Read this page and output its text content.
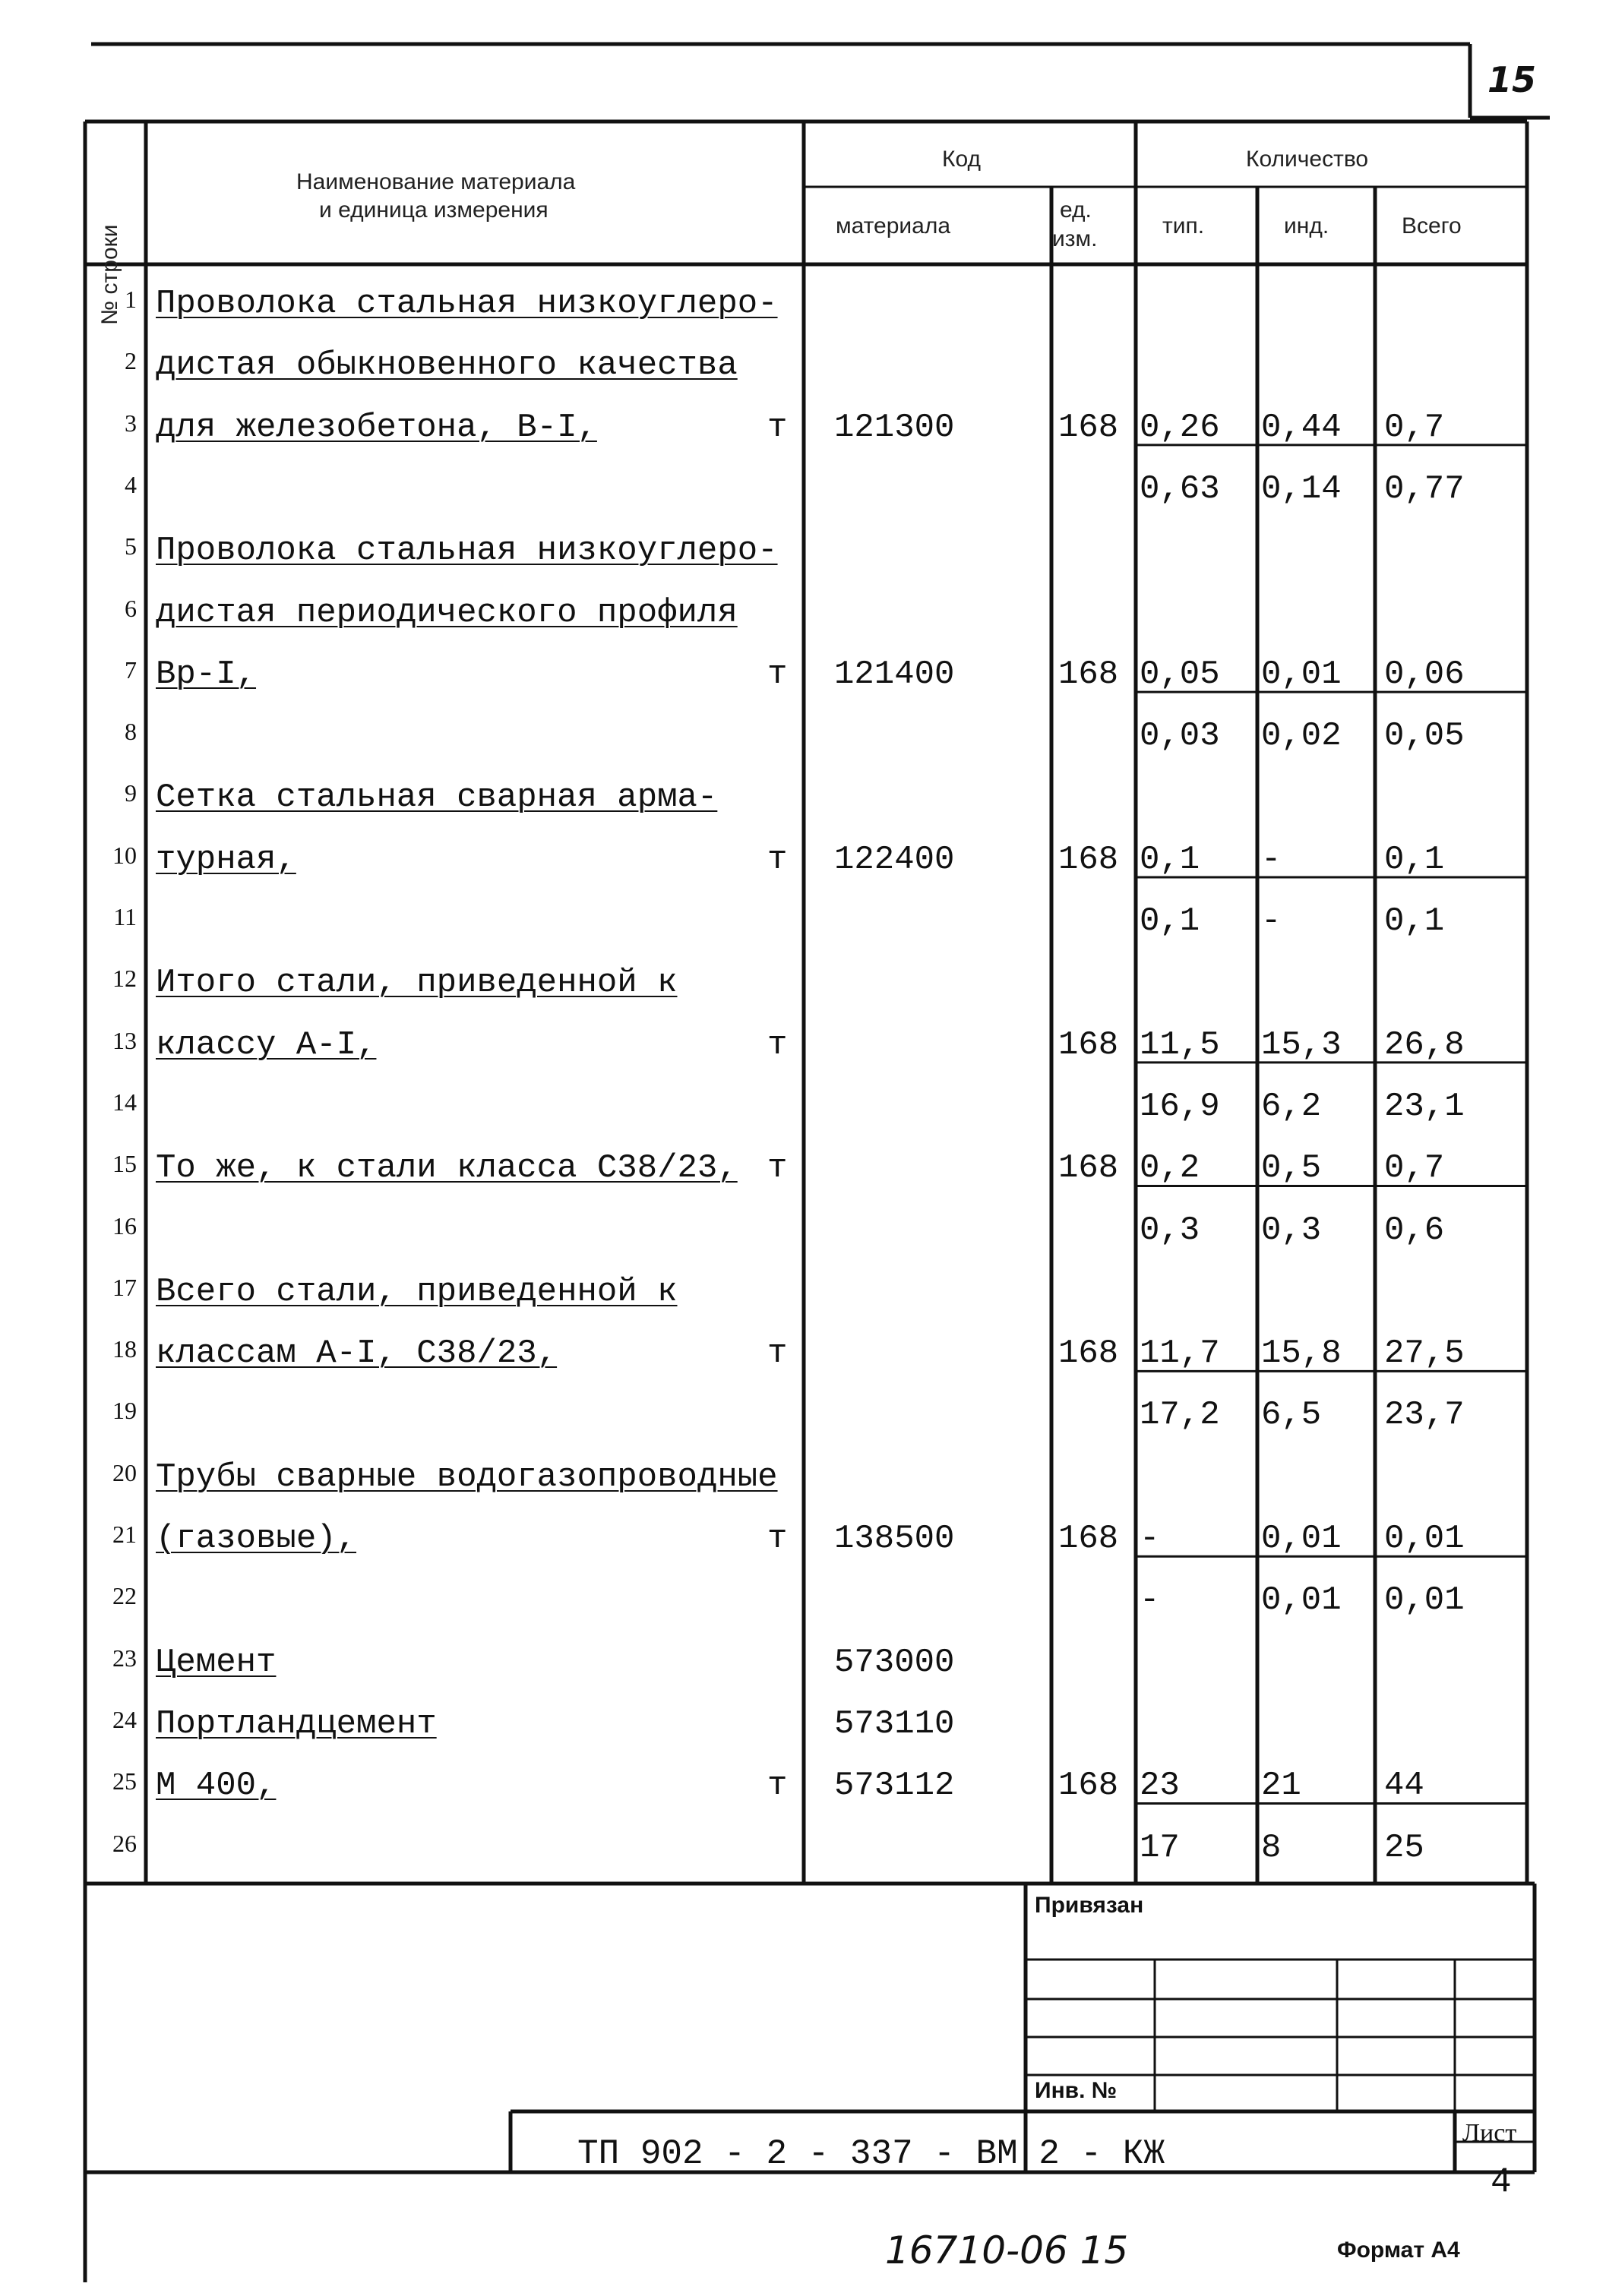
№ строки
Наименование материала
и единица измерения
Код	Количество
материала
ед.
изм.
тип.	инд.	Всего
1 Проволока стальная низкоуглеро-
2 дистая обыкновенного качества
3 для железобетона, В-I,	т 121300	168 0,26 0,44 0,7
4	0,63 0,14 0,77
5 Проволока стальная низкоуглеро-
6 дистая периодического профиля
7 Вр-I,	т 121400	168 0,05 0,01 0,06
8	0,03 0,02 0,05
9 Сетка стальная сварная арма-
10 турная,	т 122400	168 0,1 -	0,1
11	0,1 -	0,1
12 Итого стали, приведенной к
13 классу А-I,	т	168 11,5 15,3 26,8
14	16,9 6,2 23,1
15 То же, к стали класса С38/23, т	168 0,2 0,5 0,7
16	0,3 0,3 0,6
17 Всего стали, приведенной к
18 классам А-I, С38/23,	т	168 11,7 15,8 27,5
19	17,2 6,5 23,7
20 Трубы сварные водогазопроводные
21 (газовые),	т 138500	168 -	0,01 0,01
22	-	0,01 0,01
23 Цемент	573000
24 Портландцемент	573110
25 М 400,	т 573112	168 23 21 44
26	17 8	25
Привязан
Инв. №
ТП 902 - 2 - 337 - ВМ 2 - КЖ
Лист
4
16710-06 15	Формат А4
15
